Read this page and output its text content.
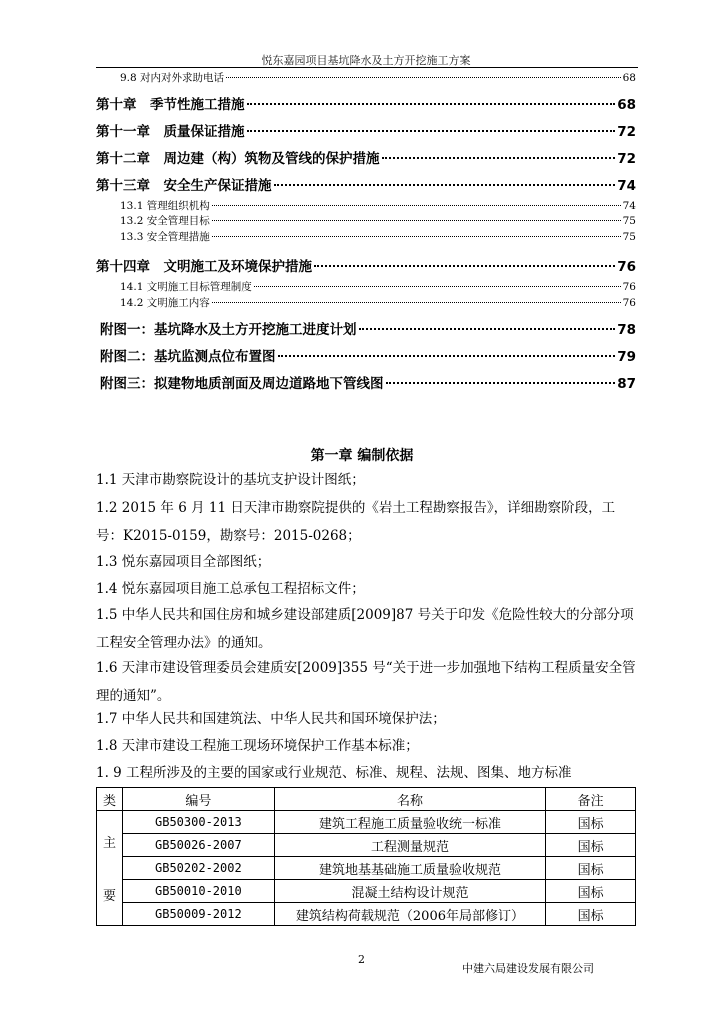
悦东嘉园项目基坑降水及土方开挖施工方案
9.8 对内对外求助电话	68
第十章　季节性施工措施	68
第十一章　质量保证措施	72
第十二章　周边建（构）筑物及管线的保护措施	72
第十三章　安全生产保证措施	74
13.1 管理组织机构	74
13.2 安全管理目标	75
13.3 安全管理措施	75
第十四章　文明施工及环境保护措施	76
14.1 文明施工目标管理制度	76
14.2 文明施工内容	76
附图一：基坑降水及土方开挖施工进度计划	78
附图二：基坑监测点位布置图	79
附图三：拟建物地质剖面及周边道路地下管线图	87
第一章 编制依据
1.1 天津市勘察院设计的基坑支护设计图纸；
1.2 2015 年 6 月 11 日天津市勘察院提供的《岩土工程勘察报告》，详细勘察阶段，工号：K2015-0159，勘察号：2015-0268；
1.3 悦东嘉园项目全部图纸；
1.4 悦东嘉园项目施工总承包工程招标文件；
1.5 中华人民共和国住房和城乡建设部建质[2009]87 号关于印发《危险性较大的分部分项工程安全管理办法》的通知。
1.6 天津市建设管理委员会建质安[2009]355 号“关于进一步加强地下结构工程质量安全管理的通知”。
1.7 中华人民共和国建筑法、中华人民共和国环境保护法；
1.8 天津市建设工程施工现场环境保护工作基本标准；
1. 9 工程所涉及的主要的国家或行业规范、标准、规程、法规、图集、地方标准
类	编号	名称	备注

主
要	GB50300-2013	建筑工程施工质量验收统一标准	国标
	GB50026-2007	工程测量规范	国标
	GB50202-2002	建筑地基基础施工质量验收规范	国标
	GB50010-2010	混凝土结构设计规范	国标
	GB50009-2012	建筑结构荷载规范（2006年局部修订）	国标
2
中建六局建设发展有限公司
